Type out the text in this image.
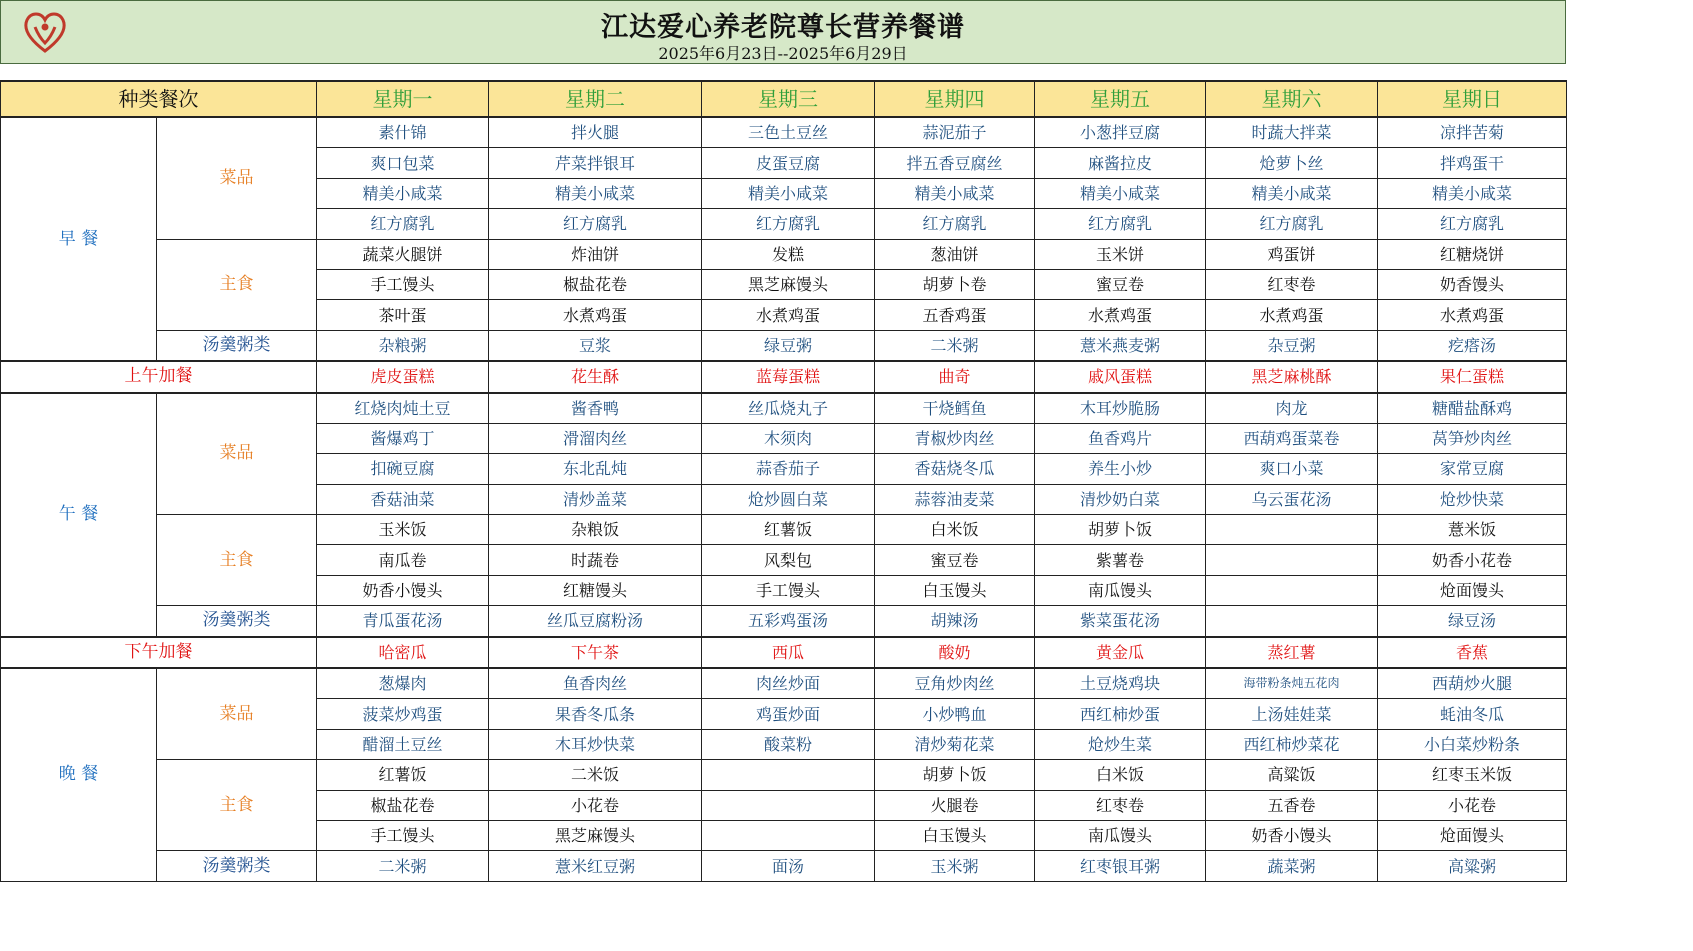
江达爱心养老院尊长营养餐谱
2025年6月23日--2025年6月29日
种类餐次		星期一	星期二	星期三	星期四	星期五	星期六	星期日
早 餐	菜品	素什锦	拌火腿	三色土豆丝	蒜泥茄子	小葱拌豆腐	时蔬大拌菜	凉拌苦菊
		爽口包菜	芹菜拌银耳	皮蛋豆腐	拌五香豆腐丝	麻酱拉皮	炝萝卜丝	拌鸡蛋干
		精美小咸菜	精美小咸菜	精美小咸菜	精美小咸菜	精美小咸菜	精美小咸菜	精美小咸菜
		红方腐乳	红方腐乳	红方腐乳	红方腐乳	红方腐乳	红方腐乳	红方腐乳
	主食	蔬菜火腿饼	炸油饼	发糕	葱油饼	玉米饼	鸡蛋饼	红糖烧饼
		手工馒头	椒盐花卷	黑芝麻馒头	胡萝卜卷	蜜豆卷	红枣卷	奶香馒头
		茶叶蛋	水煮鸡蛋	水煮鸡蛋	五香鸡蛋	水煮鸡蛋	水煮鸡蛋	水煮鸡蛋
	汤羹粥类	杂粮粥	豆浆	绿豆粥	二米粥	薏米燕麦粥	杂豆粥	疙瘩汤
上午加餐		虎皮蛋糕	花生酥	蓝莓蛋糕	曲奇	戚风蛋糕	黑芝麻桃酥	果仁蛋糕
午 餐	菜品	红烧肉炖土豆	酱香鸭	丝瓜烧丸子	干烧鳕鱼	木耳炒脆肠	肉龙	糖醋盐酥鸡
		酱爆鸡丁	滑溜肉丝	木须肉	青椒炒肉丝	鱼香鸡片	西葫鸡蛋菜卷	莴笋炒肉丝
		扣碗豆腐	东北乱炖	蒜香茄子	香菇烧冬瓜	养生小炒	爽口小菜	家常豆腐
		香菇油菜	清炒盖菜	炝炒圆白菜	蒜蓉油麦菜	清炒奶白菜	乌云蛋花汤	炝炒快菜
	主食	玉米饭	杂粮饭	红薯饭	白米饭	胡萝卜饭		薏米饭
		南瓜卷	时蔬卷	风梨包	蜜豆卷	紫薯卷		奶香小花卷
		奶香小馒头	红糖馒头	手工馒头	白玉馒头	南瓜馒头		炝面馒头
	汤羹粥类	青瓜蛋花汤	丝瓜豆腐粉汤	五彩鸡蛋汤	胡辣汤	紫菜蛋花汤		绿豆汤
下午加餐		哈密瓜	下午茶	西瓜	酸奶	黄金瓜	蒸红薯	香蕉
晚 餐	菜品	葱爆肉	鱼香肉丝	肉丝炒面	豆角炒肉丝	土豆烧鸡块	海带粉条炖五花肉	西葫炒火腿
		菠菜炒鸡蛋	果香冬瓜条	鸡蛋炒面	小炒鸭血	西红柿炒蛋	上汤娃娃菜	蚝油冬瓜
		醋溜土豆丝	木耳炒快菜	酸菜粉	清炒菊花菜	炝炒生菜	西红柿炒菜花	小白菜炒粉条
	主食	红薯饭	二米饭		胡萝卜饭	白米饭	高粱饭	红枣玉米饭
		椒盐花卷	小花卷		火腿卷	红枣卷	五香卷	小花卷
		手工馒头	黑芝麻馒头		白玉馒头	南瓜馒头	奶香小馒头	炝面馒头
	汤羹粥类	二米粥	薏米红豆粥	面汤	玉米粥	红枣银耳粥	蔬菜粥	高粱粥
